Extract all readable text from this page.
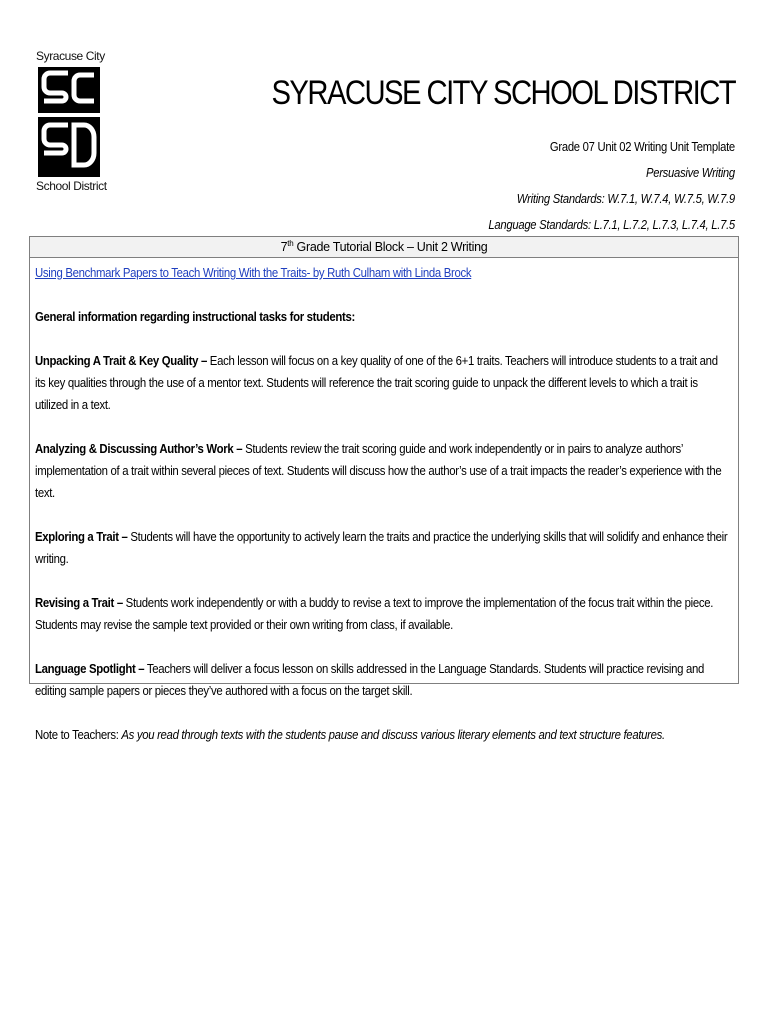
Syracuse City
School District
SYRACUSE CITY SCHOOL DISTRICT
Grade 07 Unit 02 Writing Unit Template
Persuasive Writing
Writing Standards: W.7.1, W.7.4, W.7.5, W.7.9
Language Standards: L.7.1, L.7.2, L.7.3, L.7.4, L.7.5
7th Grade Tutorial Block – Unit 2 Writing

Using Benchmark Papers to Teach Writing With the Traits- by Ruth Culham with Linda Brock

General information regarding instructional tasks for students:

Unpacking A Trait & Key Quality – Each lesson will focus on a key quality of one of the 6+1 traits. Teachers will introduce students to a trait and its key qualities through the use of a mentor text. Students will reference the trait scoring guide to unpack the different levels to which a trait is utilized in a text.

Analyzing & Discussing Author’s Work – Students review the trait scoring guide and work independently or in pairs to analyze authors’ implementation of a trait within several pieces of text. Students will discuss how the author’s use of a trait impacts the reader’s experience with the text.

Exploring a Trait – Students will have the opportunity to actively learn the traits and practice the underlying skills that will solidify and enhance their writing.

Revising a Trait – Students work independently or with a buddy to revise a text to improve the implementation of the focus trait within the piece. Students may revise the sample text provided or their own writing from class, if available.

Language Spotlight – Teachers will deliver a focus lesson on skills addressed in the Language Standards. Students will practice revising and editing sample papers or pieces they’ve authored with a focus on the target skill.

Note to Teachers: As you read through texts with the students pause and discuss various literary elements and text structure features.
